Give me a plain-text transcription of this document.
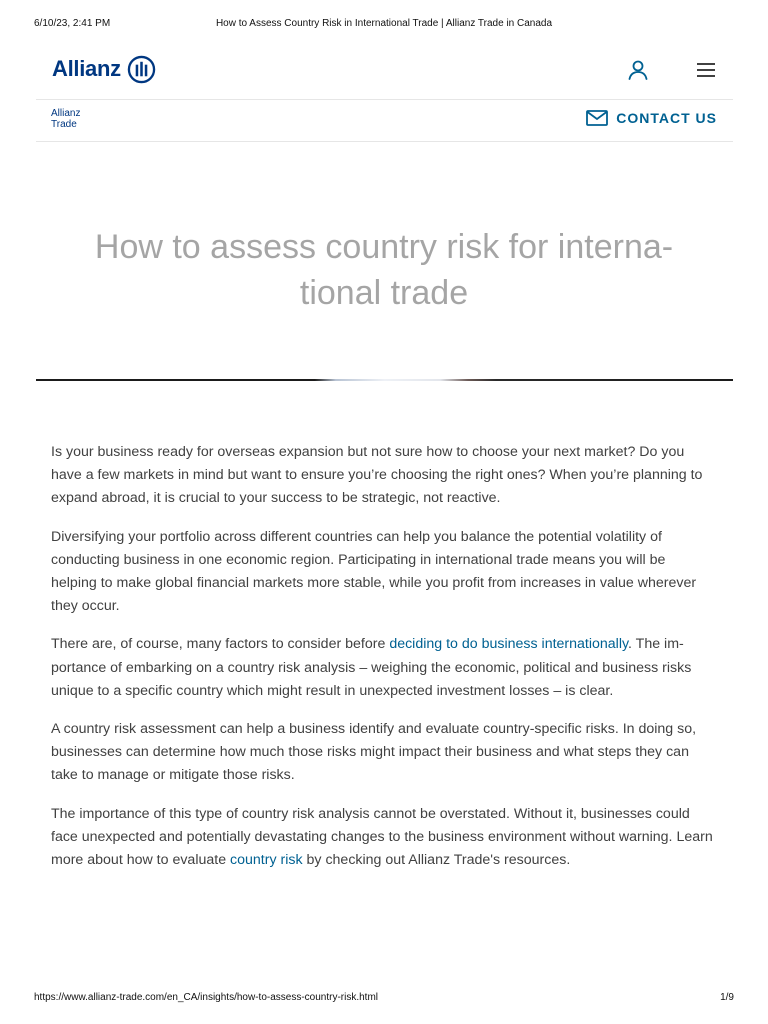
6/10/23, 2:41 PM	How to Assess Country Risk in International Trade | Allianz Trade in Canada
Allianz
Allianz
Trade	CONTACT US
How to assess country risk for interna-tional trade

Is your business ready for overseas expansion but not sure how to choose your next market? Do you have a few markets in mind but want to ensure you’re choosing the right ones? When you’re planning to expand abroad, it is crucial to your success to be strategic, not reactive.

Diversifying your portfolio across different countries can help you balance the potential volatility of conducting business in one economic region. Participating in international trade means you will be helping to make global financial markets more stable, while you profit from increases in value wherever they occur.

There are, of course, many factors to consider before deciding to do business internationally. The im-portance of embarking on a country risk analysis – weighing the economic, political and business risks unique to a specific country which might result in unexpected investment losses – is clear.

A country risk assessment can help a business identify and evaluate country-specific risks. In doing so, businesses can determine how much those risks might impact their business and what steps they can take to manage or mitigate those risks.

The importance of this type of country risk analysis cannot be overstated. Without it, businesses could face unexpected and potentially devastating changes to the business environment without warning. Learn more about how to evaluate country risk by checking out Allianz Trade's resources.

https://www.allianz-trade.com/en_CA/insights/how-to-assess-country-risk.html	1/9
